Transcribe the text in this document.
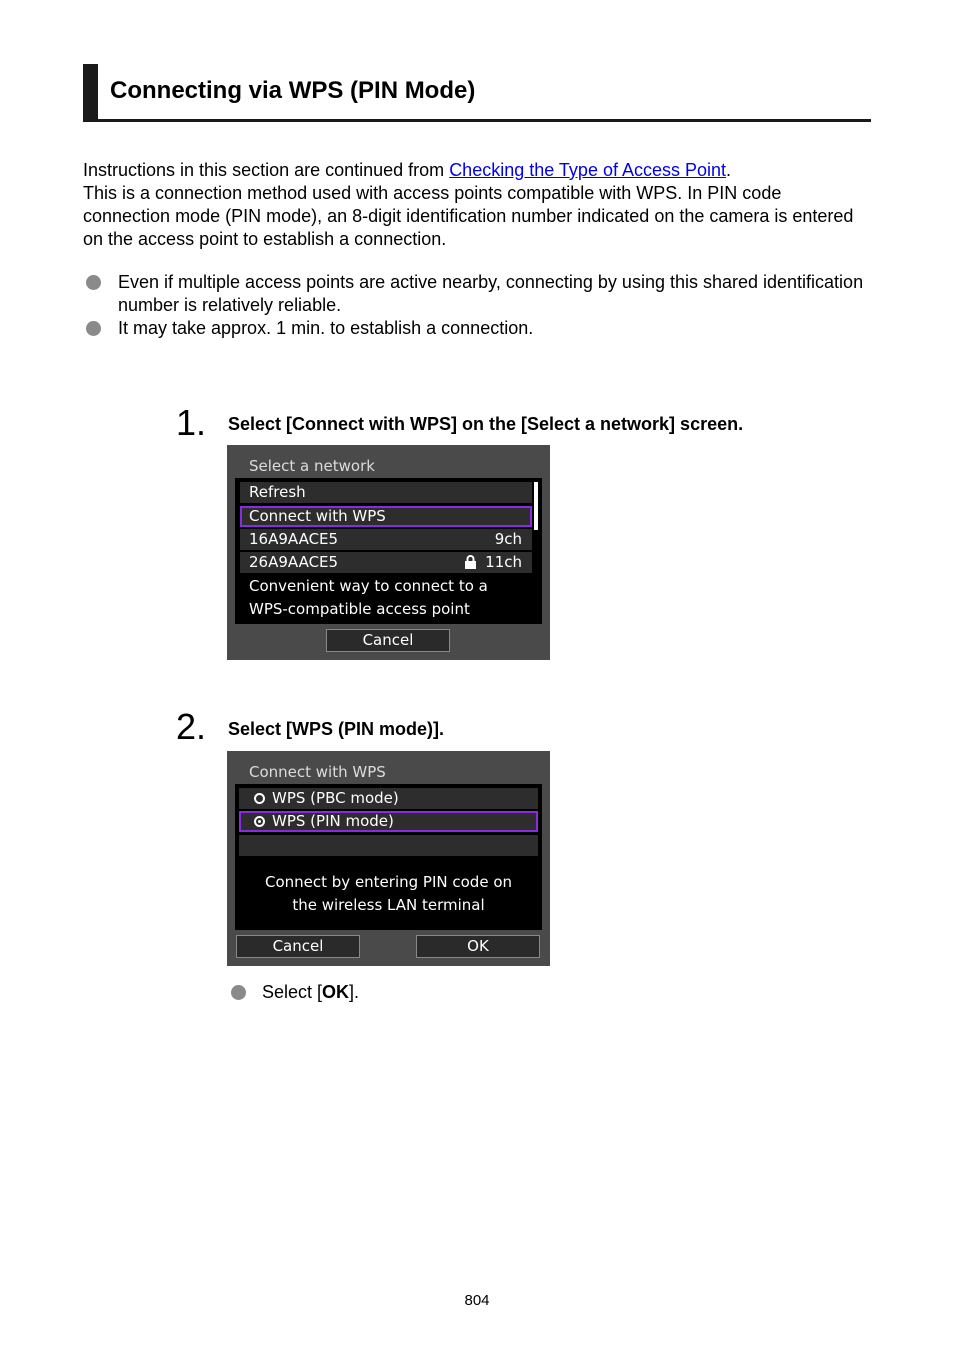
Connecting via WPS (PIN Mode)

Instructions in this section are continued from Checking the Type of Access Point.

This is a connection method used with access points compatible with WPS. In PIN code connection mode (PIN mode), an 8-digit identification number indicated on the camera is entered on the access point to establish a connection.

Even if multiple access points are active nearby, connecting by using this shared identification number is relatively reliable.
It may take approx. 1 min. to establish a connection.
1. Select [Connect with WPS] on the [Select a network] screen.
Select a network
Refresh
Connect with WPS
16A9AACE5	9ch
26A9AACE5	11ch
Convenient way to connect to a
WPS-compatible access point
Cancel
2. Select [WPS (PIN mode)].
Connect with WPS
WPS (PBC mode)
WPS (PIN mode)
Connect by entering PIN code on
the wireless LAN terminal
Cancel	OK
Select [OK].
804
